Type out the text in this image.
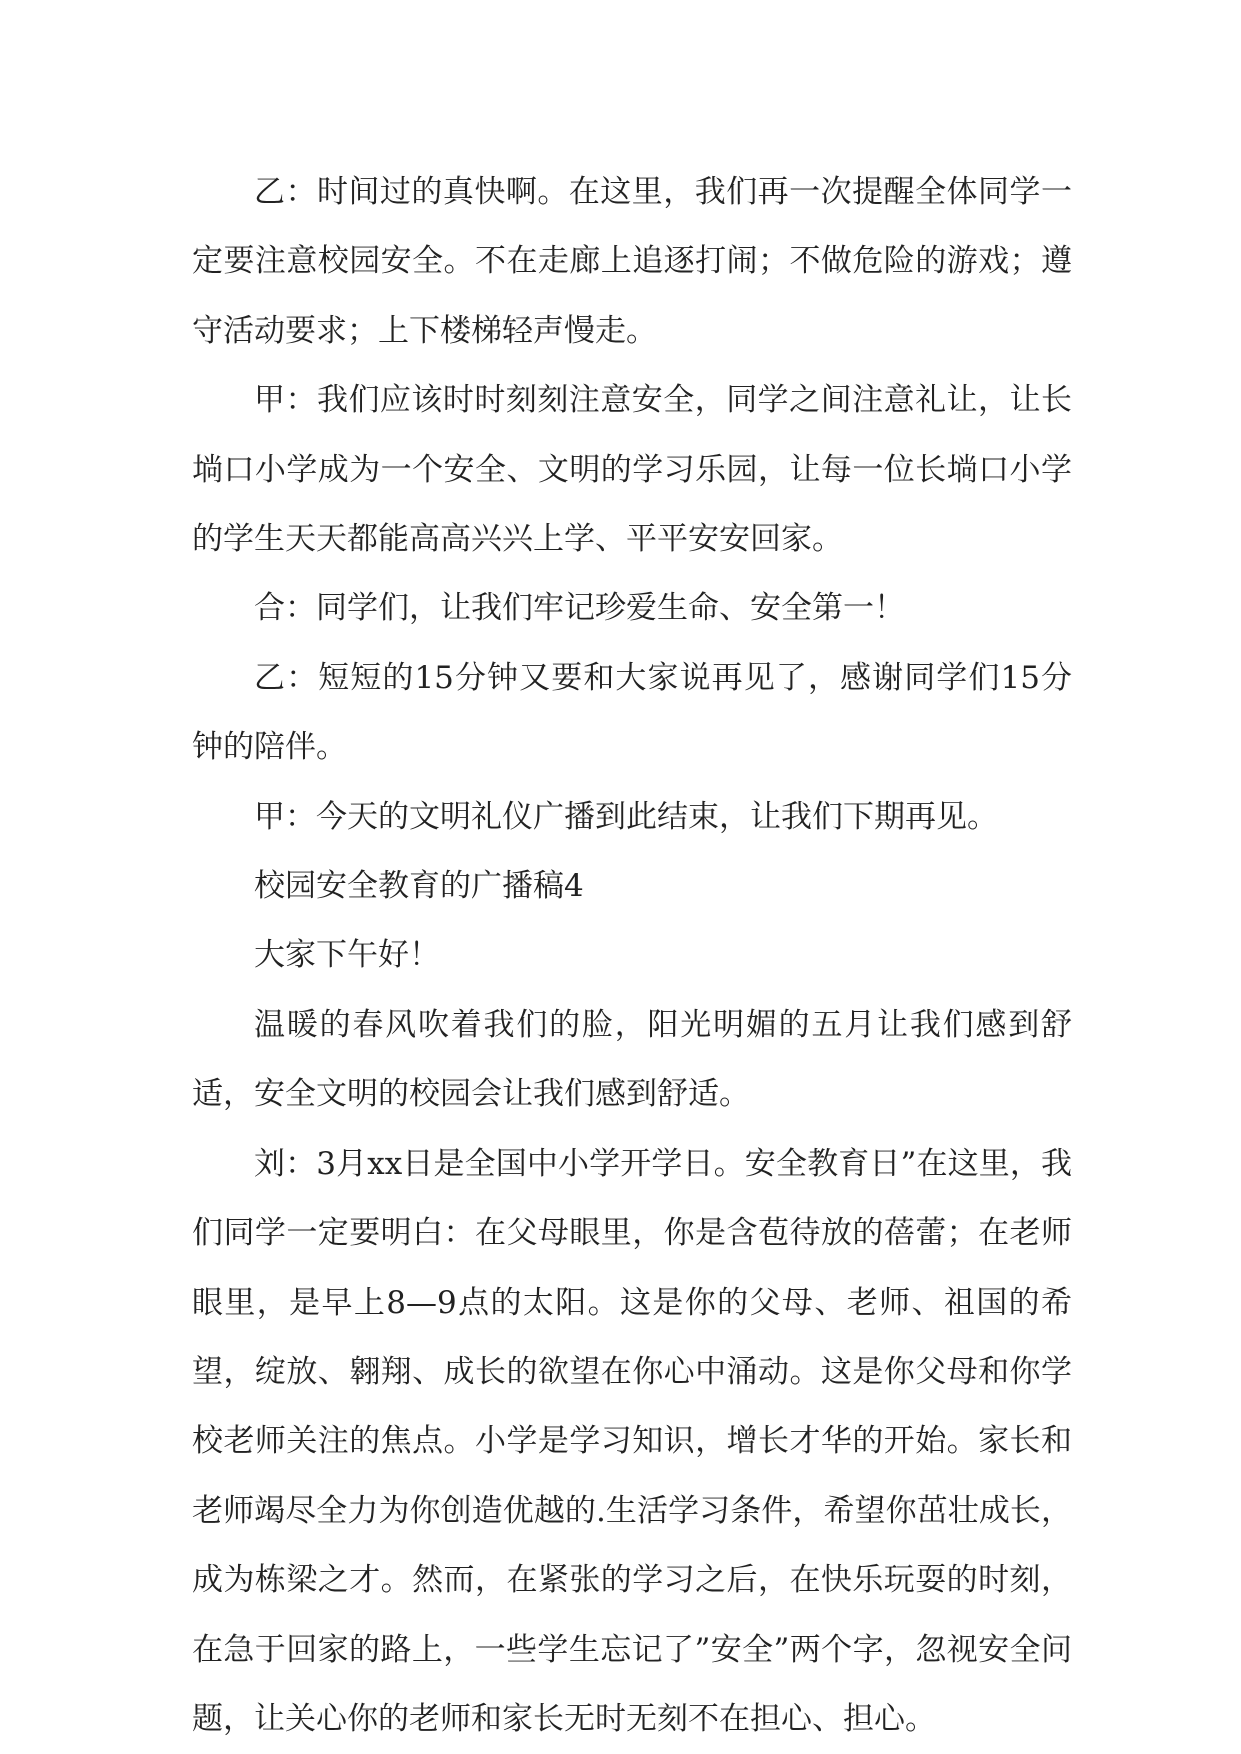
乙：时间过的真快啊。在这里，我们再一次提醒全体同学一定要注意校园安全。不在走廊上追逐打闹；不做危险的游戏；遵守活动要求；上下楼梯轻声慢走。

甲：我们应该时时刻刻注意安全，同学之间注意礼让，让长埫口小学成为一个安全、文明的学习乐园，让每一位长埫口小学的学生天天都能高高兴兴上学、平平安安回家。

合：同学们，让我们牢记珍爱生命、安全第一！

乙：短短的15分钟又要和大家说再见了，感谢同学们15分钟的陪伴。

甲：今天的文明礼仪广播到此结束，让我们下期再见。

校园安全教育的广播稿4

大家下午好！

温暖的春风吹着我们的脸，阳光明媚的五月让我们感到舒适，安全文明的校园会让我们感到舒适。

刘：3月xx日是全国中小学开学日。安全教育日”在这里，我们同学一定要明白：在父母眼里，你是含苞待放的蓓蕾；在老师眼里，是早上8—9点的太阳。这是你的父母、老师、祖国的希望，绽放、翱翔、成长的欲望在你心中涌动。这是你父母和你学校老师关注的焦点。小学是学习知识，增长才华的开始。家长和老师竭尽全力为你创造优越的.生活学习条件，希望你茁壮成长，成为栋梁之才。然而，在紧张的学习之后，在快乐玩耍的时刻，在急于回家的路上，一些学生忘记了”安全”两个字，忽视安全问题，让关心你的老师和家长无时无刻不在担心、担心。
